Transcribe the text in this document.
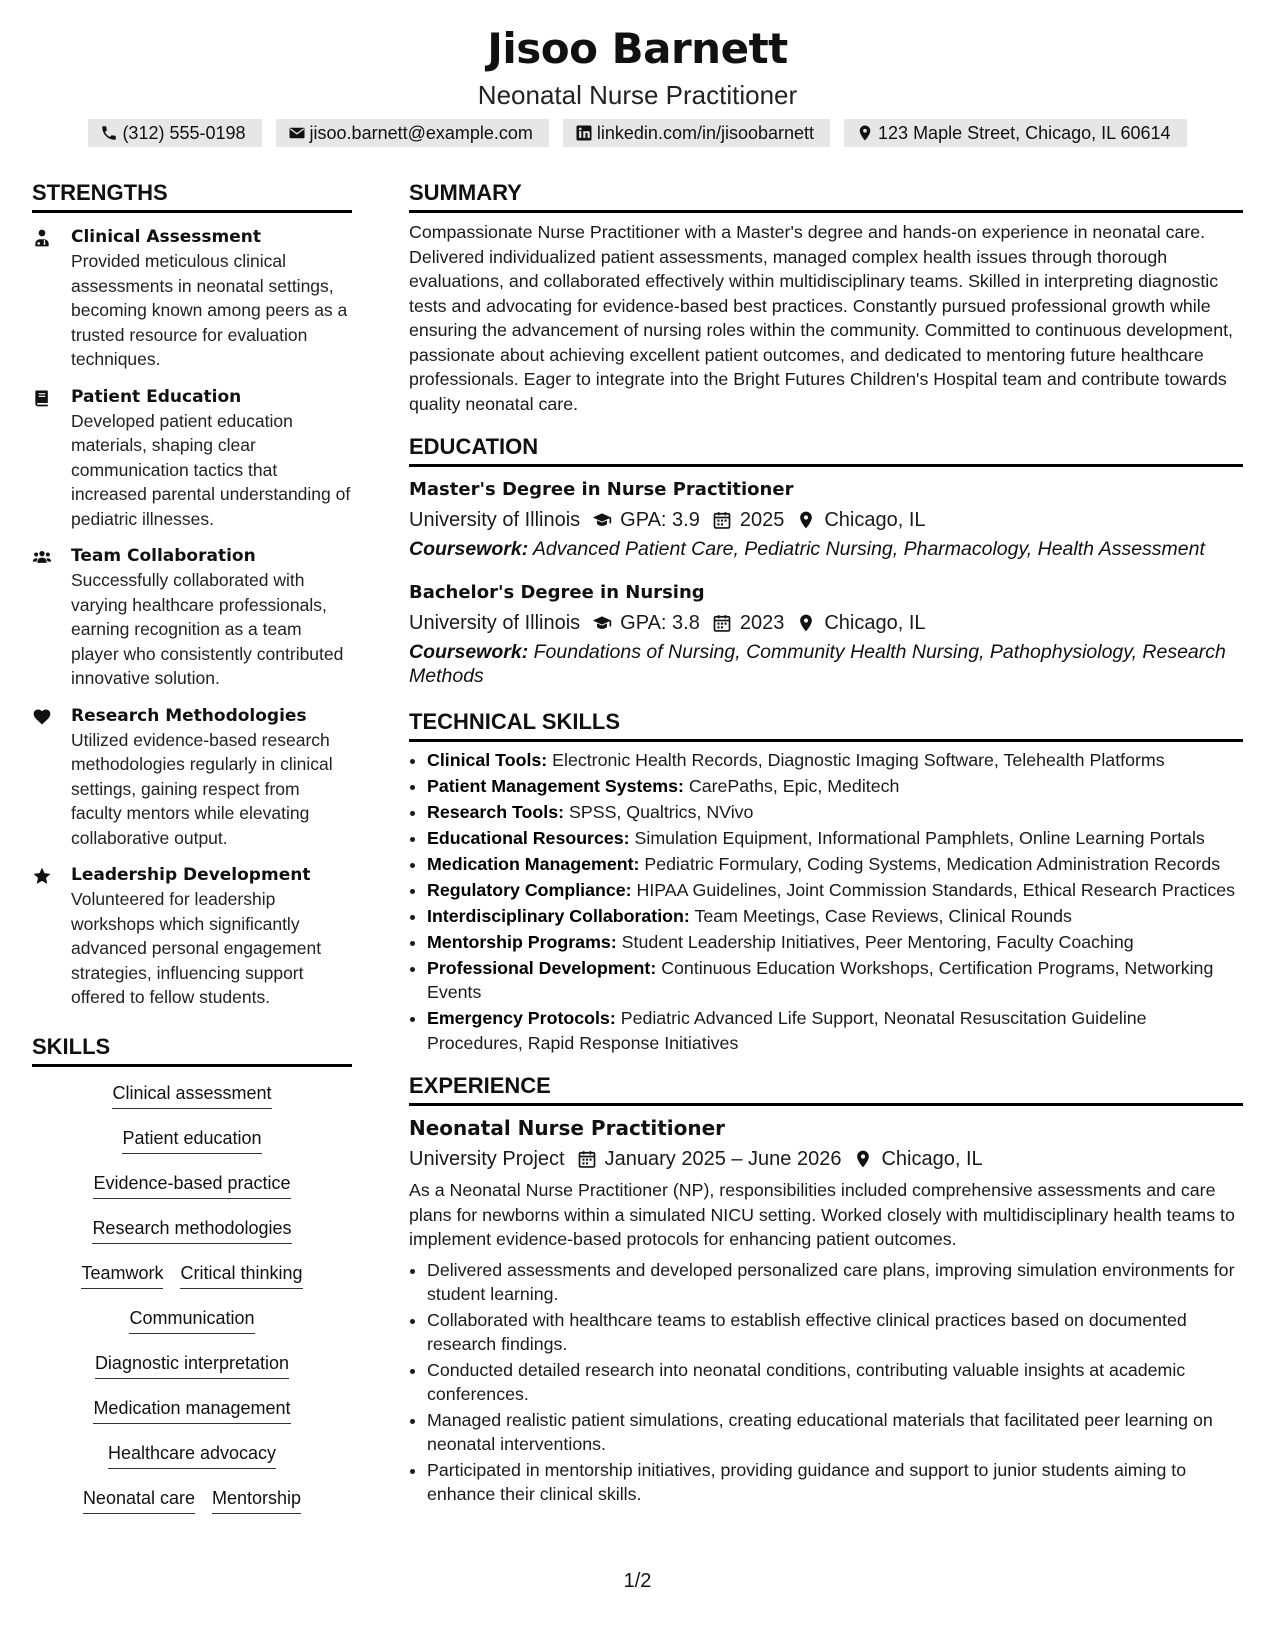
Jisoo Barnett
Neonatal Nurse Practitioner
(312) 555-0198	jisoo.barnett@example.com	linkedin.com/in/jisoobarnett	123 Maple Street, Chicago, IL 60614
STRENGTHS
Clinical Assessment
Provided meticulous clinical assessments in neonatal settings, becoming known among peers as a trusted resource for evaluation techniques.
Patient Education
Developed patient education materials, shaping clear communication tactics that increased parental understanding of pediatric illnesses.
Team Collaboration
Successfully collaborated with varying healthcare professionals, earning recognition as a team player who consistently contributed innovative solution.
Research Methodologies
Utilized evidence-based research methodologies regularly in clinical settings, gaining respect from faculty mentors while elevating collaborative output.
Leadership Development
Volunteered for leadership workshops which significantly advanced personal engagement strategies, influencing support offered to fellow students.
SKILLS
Clinical assessment
Patient education
Evidence-based practice
Research methodologies
Teamwork Critical thinking
Communication
Diagnostic interpretation
Medication management
Healthcare advocacy
Neonatal care Mentorship
SUMMARY
Compassionate Nurse Practitioner with a Master's degree and hands-on experience in neonatal care. Delivered individualized patient assessments, managed complex health issues through thorough evaluations, and collaborated effectively within multidisciplinary teams. Skilled in interpreting diagnostic tests and advocating for evidence-based best practices. Constantly pursued professional growth while ensuring the advancement of nursing roles within the community. Committed to continuous development, passionate about achieving excellent patient outcomes, and dedicated to mentoring future healthcare professionals. Eager to integrate into the Bright Futures Children's Hospital team and contribute towards quality neonatal care.
EDUCATION
Master's Degree in Nurse Practitioner
University of Illinois GPA: 3.9 2025 Chicago, IL
Coursework: Advanced Patient Care, Pediatric Nursing, Pharmacology, Health Assessment
Bachelor's Degree in Nursing
University of Illinois GPA: 3.8 2023 Chicago, IL
Coursework: Foundations of Nursing, Community Health Nursing, Pathophysiology, Research Methods
TECHNICAL SKILLS
• Clinical Tools: Electronic Health Records, Diagnostic Imaging Software, Telehealth Platforms
• Patient Management Systems: CarePaths, Epic, Meditech
• Research Tools: SPSS, Qualtrics, NVivo
• Educational Resources: Simulation Equipment, Informational Pamphlets, Online Learning Portals
• Medication Management: Pediatric Formulary, Coding Systems, Medication Administration Records
• Regulatory Compliance: HIPAA Guidelines, Joint Commission Standards, Ethical Research Practices
• Interdisciplinary Collaboration: Team Meetings, Case Reviews, Clinical Rounds
• Mentorship Programs: Student Leadership Initiatives, Peer Mentoring, Faculty Coaching
• Professional Development: Continuous Education Workshops, Certification Programs, Networking Events
• Emergency Protocols: Pediatric Advanced Life Support, Neonatal Resuscitation Guideline Procedures, Rapid Response Initiatives
EXPERIENCE
Neonatal Nurse Practitioner
University Project January 2025 – June 2026 Chicago, IL
As a Neonatal Nurse Practitioner (NP), responsibilities included comprehensive assessments and care plans for newborns within a simulated NICU setting. Worked closely with multidisciplinary health teams to implement evidence-based protocols for enhancing patient outcomes.
• Delivered assessments and developed personalized care plans, improving simulation environments for student learning.
• Collaborated with healthcare teams to establish effective clinical practices based on documented research findings.
• Conducted detailed research into neonatal conditions, contributing valuable insights at academic conferences.
• Managed realistic patient simulations, creating educational materials that facilitated peer learning on neonatal interventions.
• Participated in mentorship initiatives, providing guidance and support to junior students aiming to enhance their clinical skills.
1/2
